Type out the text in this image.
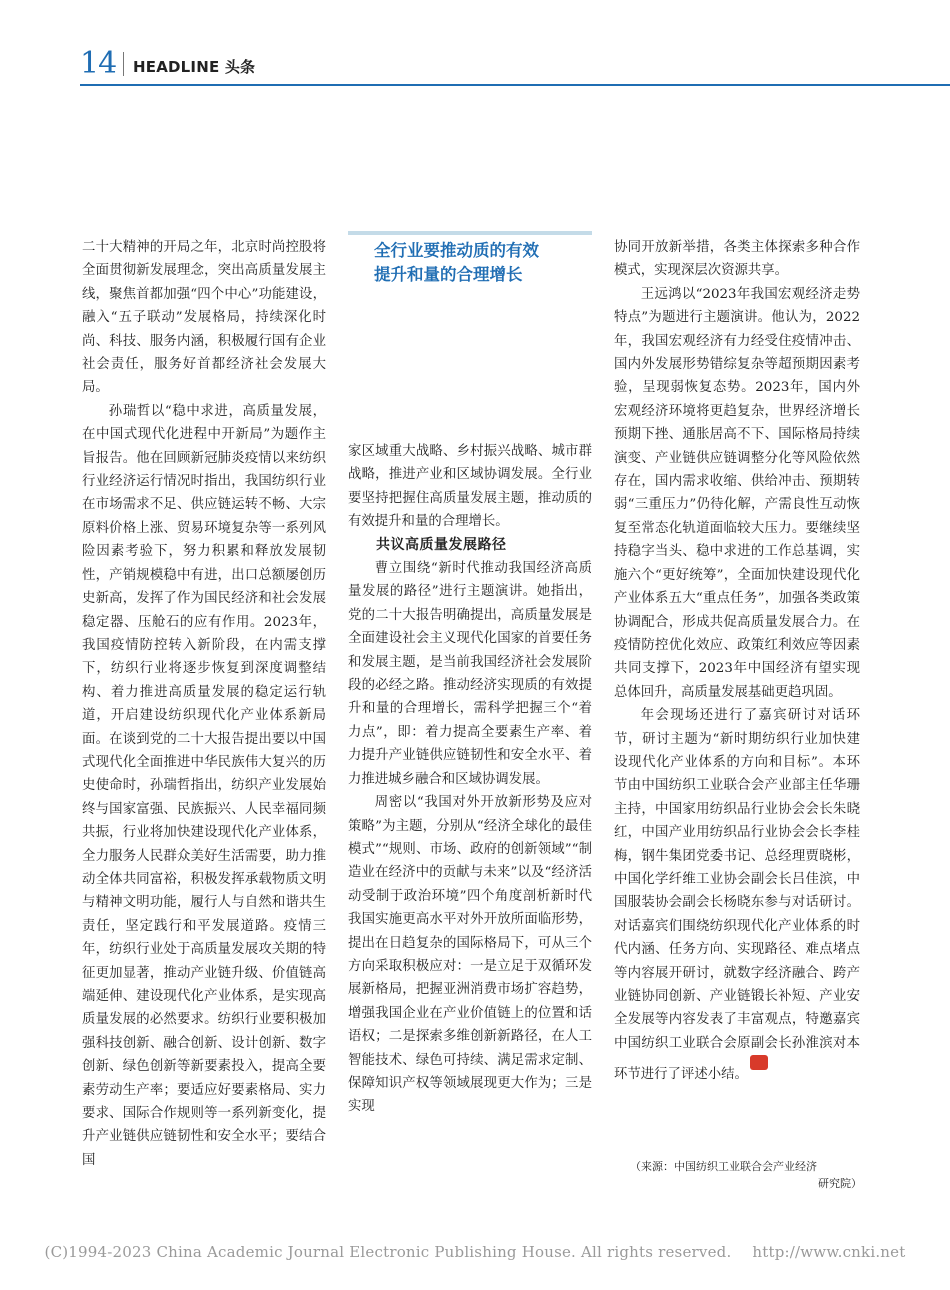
14 HEADLINE 头条

二十大精神的开局之年，北京时尚控股将全面贯彻新发展理念，突出高质量发展主线，聚焦首都加强“四个中心”功能建设，融入“五子联动”发展格局，持续深化时尚、科技、服务内涵，积极履行国有企业社会责任，服务好首都经济社会发展大局。

孙瑞哲以“稳中求进，高质量发展，在中国式现代化进程中开新局”为题作主旨报告。他在回顾新冠肺炎疫情以来纺织行业经济运行情况时指出，我国纺织行业在市场需求不足、供应链运转不畅、大宗原料价格上涨、贸易环境复杂等一系列风险因素考验下，努力积累和释放发展韧性，产销规模稳中有进，出口总额屡创历史新高，发挥了作为国民经济和社会发展稳定器、压舱石的应有作用。2023年，我国疫情防控转入新阶段，在内需支撑下，纺织行业将逐步恢复到深度调整结构、着力推进高质量发展的稳定运行轨道，开启建设纺织现代化产业体系新局面。在谈到党的二十大报告提出要以中国式现代化全面推进中华民族伟大复兴的历史使命时，孙瑞哲指出，纺织产业发展始终与国家富强、民族振兴、人民幸福同频共振，行业将加快建设现代化产业体系，全力服务人民群众美好生活需要，助力推动全体共同富裕，积极发挥承载物质文明与精神文明功能，履行人与自然和谐共生责任，坚定践行和平发展道路。疫情三年，纺织行业处于高质量发展攻关期的特征更加显著，推动产业链升级、价值链高端延伸、建设现代化产业体系，是实现高质量发展的必然要求。纺织行业要积极加强科技创新、融合创新、设计创新、数字创新、绿色创新等新要素投入，提高全要素劳动生产率；要适应好要素格局、实力要求、国际合作规则等一系列新变化，提升产业链供应链韧性和安全水平；要结合国

全行业要推动质的有效
提升和量的合理增长

家区域重大战略、乡村振兴战略、城市群战略，推进产业和区域协调发展。全行业要坚持把握住高质量发展主题，推动质的有效提升和量的合理增长。

共议高质量发展路径

曹立围绕“新时代推动我国经济高质量发展的路径”进行主题演讲。她指出，党的二十大报告明确提出，高质量发展是全面建设社会主义现代化国家的首要任务和发展主题，是当前我国经济社会发展阶段的必经之路。推动经济实现质的有效提升和量的合理增长，需科学把握三个“着力点”，即：着力提高全要素生产率、着力提升产业链供应链韧性和安全水平、着力推进城乡融合和区域协调发展。

周密以“我国对外开放新形势及应对策略”为主题，分别从“经济全球化的最佳模式”“规则、市场、政府的创新领域”“制造业在经济中的贡献与未来”以及“经济活动受制于政治环境”四个角度剖析新时代我国实施更高水平对外开放所面临形势，提出在日趋复杂的国际格局下，可从三个方向采取积极应对：一是立足于双循环发展新格局，把握亚洲消费市场扩容趋势，增强我国企业在产业价值链上的位置和话语权；二是探索多维创新新路径，在人工智能技术、绿色可持续、满足需求定制、保障知识产权等领域展现更大作为；三是实现

协同开放新举措，各类主体探索多种合作模式，实现深层次资源共享。

王远鸿以“2023年我国宏观经济走势特点”为题进行主题演讲。他认为，2022年，我国宏观经济有力经受住疫情冲击、国内外发展形势错综复杂等超预期因素考验，呈现弱恢复态势。2023年，国内外宏观经济环境将更趋复杂，世界经济增长预期下挫、通胀居高不下、国际格局持续演变、产业链供应链调整分化等风险依然存在，国内需求收缩、供给冲击、预期转弱“三重压力”仍待化解，产需良性互动恢复至常态化轨道面临较大压力。要继续坚持稳字当头、稳中求进的工作总基调，实施六个“更好统筹”，全面加快建设现代化产业体系五大“重点任务”，加强各类政策协调配合，形成共促高质量发展合力。在疫情防控优化效应、政策红利效应等因素共同支撑下，2023年中国经济有望实现总体回升，高质量发展基础更趋巩固。

年会现场还进行了嘉宾研讨对话环节，研讨主题为“新时期纺织行业加快建设现代化产业体系的方向和目标”。本环节由中国纺织工业联合会产业部主任华珊主持，中国家用纺织品行业协会会长朱晓红，中国产业用纺织品行业协会会长李桂梅，钢牛集团党委书记、总经理贾晓彬，中国化学纤维工业协会副会长吕佳滨，中国服装协会副会长杨晓东参与对话研讨。对话嘉宾们围绕纺织现代化产业体系的时代内涵、任务方向、实现路径、难点堵点等内容展开研讨，就数字经济融合、跨产业链协同创新、产业链锻长补短、产业安全发展等内容发表了丰富观点，特邀嘉宾中国纺织工业联合会原副会长孙淮滨对本环节进行了评述小结。纺织

（来源：中国纺织工业联合会产业经济
研究院）
(C)1994-2023 China Academic Journal Electronic Publishing House. All rights reserved. http://www.cnki.net
